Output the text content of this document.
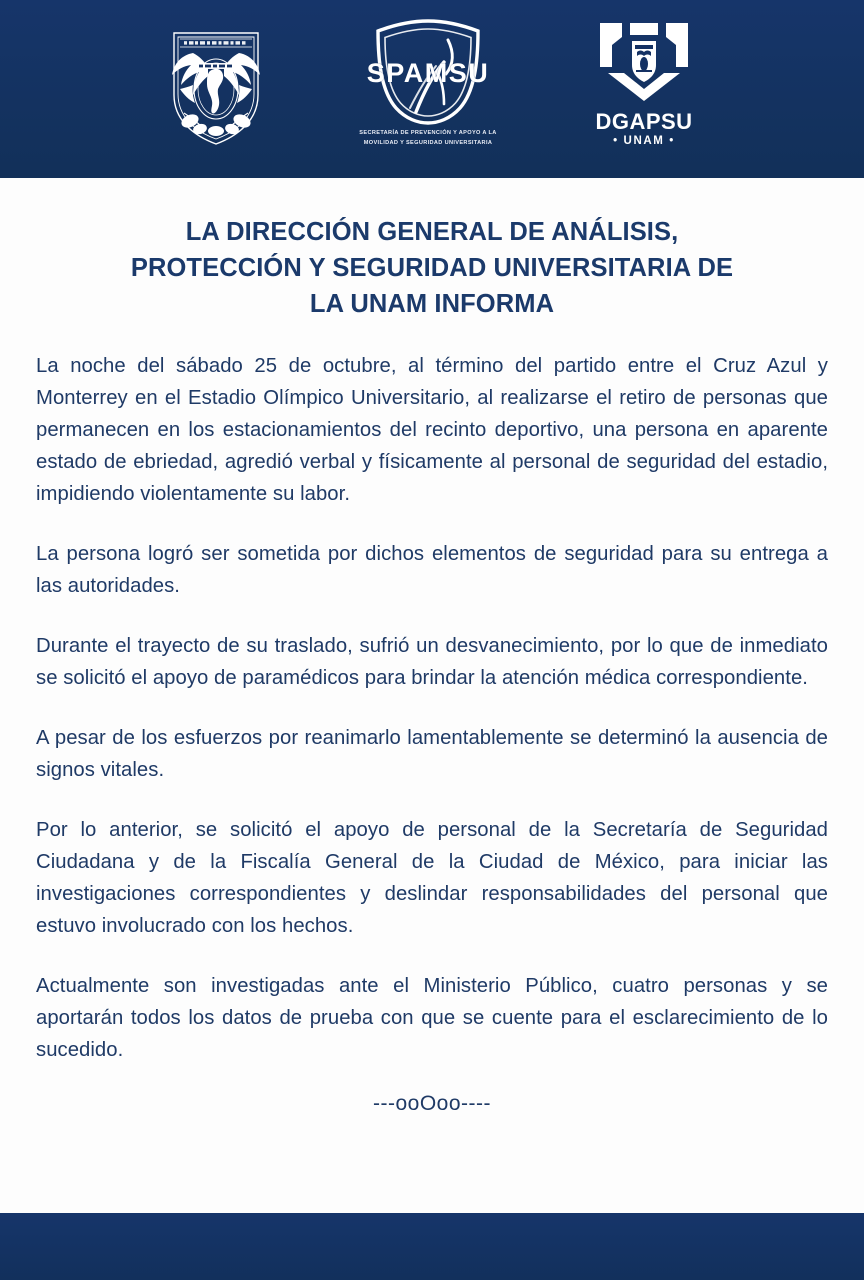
SPAMSU
SECRETARÍA DE PREVENCIÓN Y APOYO A LA
MOVILIDAD Y SEGURIDAD UNIVERSITARIA
DGAPSU
• UNAM •
LA DIRECCIÓN GENERAL DE ANÁLISIS,
PROTECCIÓN Y SEGURIDAD UNIVERSITARIA DE
LA UNAM INFORMA

La noche del sábado 25 de octubre, al término del partido entre el Cruz Azul y Monterrey en el Estadio Olímpico Universitario, al realizarse el retiro de personas que permanecen en los estacionamientos del recinto deportivo, una persona en aparente estado de ebriedad, agredió verbal y físicamente al personal de seguridad del estadio, impidiendo violentamente su labor.

La persona logró ser sometida por dichos elementos de seguridad para su entrega a las autoridades.

Durante el trayecto de su traslado, sufrió un desvanecimiento, por lo que de inmediato se solicitó el apoyo de paramédicos para brindar la atención médica correspondiente.

A pesar de los esfuerzos por reanimarlo lamentablemente se determinó la ausencia de signos vitales.

Por lo anterior, se solicitó el apoyo de personal de la Secretaría de Seguridad Ciudadana y de la Fiscalía General de la Ciudad de México, para iniciar las investigaciones correspondientes y deslindar responsabilidades del personal que estuvo involucrado con los hechos.

Actualmente son investigadas ante el Ministerio Público, cuatro personas y se aportarán todos los datos de prueba con que se cuente para el esclarecimiento de lo sucedido.

---ooOoo----
